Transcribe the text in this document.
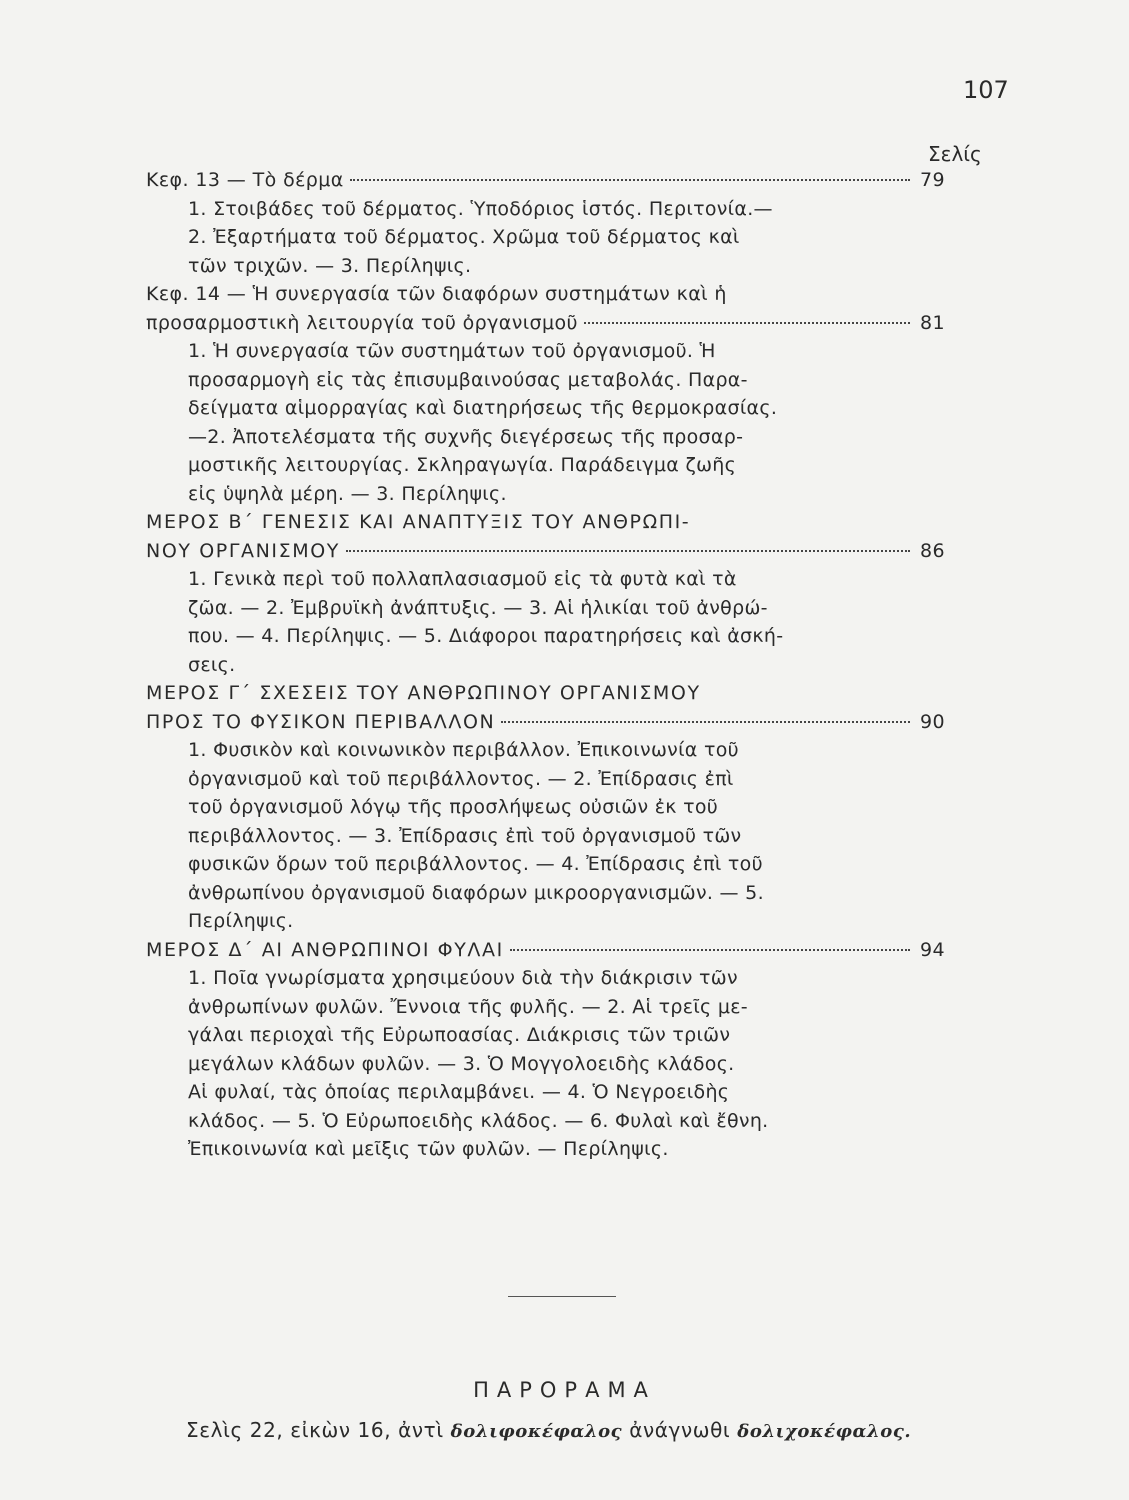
107
Σελίς
Κεφ. 13 — Τὸ δέρμα	79
1. Στοιβάδες τοῦ δέρματος. Ὑποδόριος ἱστός. Περιτονία.—
2. Ἐξαρτήματα τοῦ δέρματος. Χρῶμα τοῦ δέρματος καὶ
τῶν τριχῶν. — 3. Περίληψις.
Κεφ. 14 — Ἡ συνεργασία τῶν διαφόρων συστημάτων καὶ ἡ
προσαρμοστικὴ λειτουργία τοῦ ὀργανισμοῦ	81
1. Ἡ συνεργασία τῶν συστημάτων τοῦ ὀργανισμοῦ. Ἡ
προσαρμογὴ εἰς τὰς ἐπισυμβαινούσας μεταβολάς. Παρα-
δείγματα αἱμορραγίας καὶ διατηρήσεως τῆς θερμοκρασίας.
—2. Ἀποτελέσματα τῆς συχνῆς διεγέρσεως τῆς προσαρ-
μοστικῆς λειτουργίας. Σκληραγωγία. Παράδειγμα ζωῆς
εἰς ὑψηλὰ μέρη. — 3. Περίληψις.
ΜΕΡΟΣ Β΄ ΓΕΝΕΣΙΣ ΚΑΙ ΑΝΑΠΤΥΞΙΣ ΤΟΥ ΑΝΘΡΩΠΙ-
ΝΟΥ ΟΡΓΑΝΙΣΜΟΥ	86
1. Γενικὰ περὶ τοῦ πολλαπλασιασμοῦ εἰς τὰ φυτὰ καὶ τὰ
ζῶα. — 2. Ἐμβρυϊκὴ ἀνάπτυξις. — 3. Αἱ ἡλικίαι τοῦ ἀνθρώ-
που. — 4. Περίληψις. — 5. Διάφοροι παρατηρήσεις καὶ ἀσκή-
σεις.
ΜΕΡΟΣ Γ΄ ΣΧΕΣΕΙΣ ΤΟΥ ΑΝΘΡΩΠΙΝΟΥ ΟΡΓΑΝΙΣΜΟΥ
ΠΡΟΣ ΤΟ ΦΥΣΙΚΟΝ ΠΕΡΙΒΑΛΛΟΝ	90
1. Φυσικὸν καὶ κοινωνικὸν περιβάλλον. Ἐπικοινωνία τοῦ
ὀργανισμοῦ καὶ τοῦ περιβάλλοντος. — 2. Ἐπίδρασις ἐπὶ
τοῦ ὀργανισμοῦ λόγῳ τῆς προσλήψεως οὐσιῶν ἐκ τοῦ
περιβάλλοντος. — 3. Ἐπίδρασις ἐπὶ τοῦ ὀργανισμοῦ τῶν
φυσικῶν ὅρων τοῦ περιβάλλοντος. — 4. Ἐπίδρασις ἐπὶ τοῦ
ἀνθρωπίνου ὀργανισμοῦ διαφόρων μικροοργανισμῶν. — 5.
Περίληψις.
ΜΕΡΟΣ Δ΄ ΑΙ ΑΝΘΡΩΠΙΝΟΙ ΦΥΛΑΙ	94
1. Ποῖα γνωρίσματα χρησιμεύουν διὰ τὴν διάκρισιν τῶν
ἀνθρωπίνων φυλῶν. Ἔννοια τῆς φυλῆς. — 2. Αἱ τρεῖς με-
γάλαι περιοχαὶ τῆς Εὐρωποασίας. Διάκρισις τῶν τριῶν
μεγάλων κλάδων φυλῶν. — 3. Ὁ Μογγολοειδὴς κλάδος.
Αἱ φυλαί, τὰς ὁποίας περιλαμβάνει. — 4. Ὁ Νεγροειδὴς
κλάδος. — 5. Ὁ Εὐρωποειδὴς κλάδος. — 6. Φυλαὶ καὶ ἔθνη.
Ἐπικοινωνία καὶ μεῖξις τῶν φυλῶν. — Περίληψις.
ΠΑΡΟΡΑΜΑ
Σελὶς 22, εἰκὼν 16, ἀντὶ δολιφοκέφαλος ἀνάγνωθι δολιχοκέφαλος.
